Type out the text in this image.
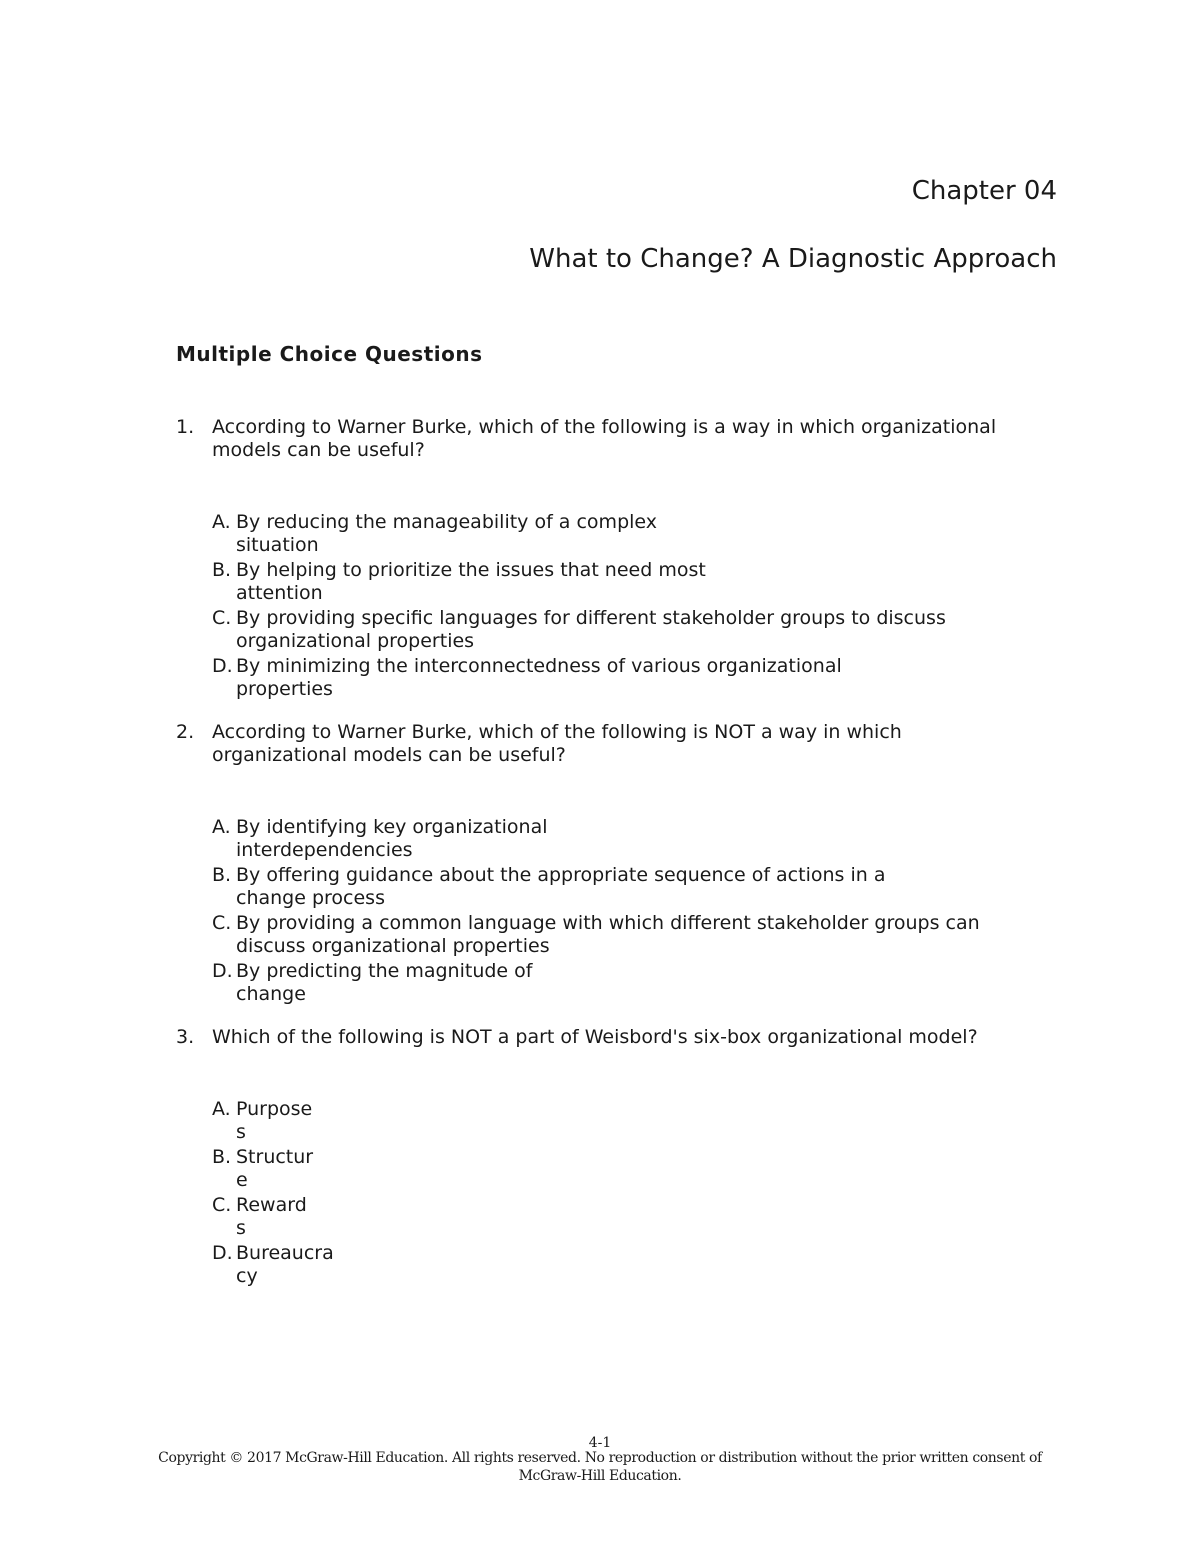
Chapter 04
What to Change? A Diagnostic Approach
Multiple Choice Questions
1. According to Warner Burke, which of the following is a way in which organizational
models can be useful?
A. By reducing the manageability of a complex
situation
B. By helping to prioritize the issues that need most
attention
C. By providing specific languages for different stakeholder groups to discuss
organizational properties
D. By minimizing the interconnectedness of various organizational
properties
2. According to Warner Burke, which of the following is NOT a way in which
organizational models can be useful?
A. By identifying key organizational
interdependencies
B. By offering guidance about the appropriate sequence of actions in a
change process
C. By providing a common language with which different stakeholder groups can
discuss organizational properties
D. By predicting the magnitude of
change
3. Which of the following is NOT a part of Weisbord's six-box organizational model?
A. Purpose
s
B. Structur
e
C. Reward
s
D. Bureaucra
cy
4-1
Copyright © 2017 McGraw-Hill Education. All rights reserved. No reproduction or distribution without the prior written consent of
McGraw-Hill Education.
